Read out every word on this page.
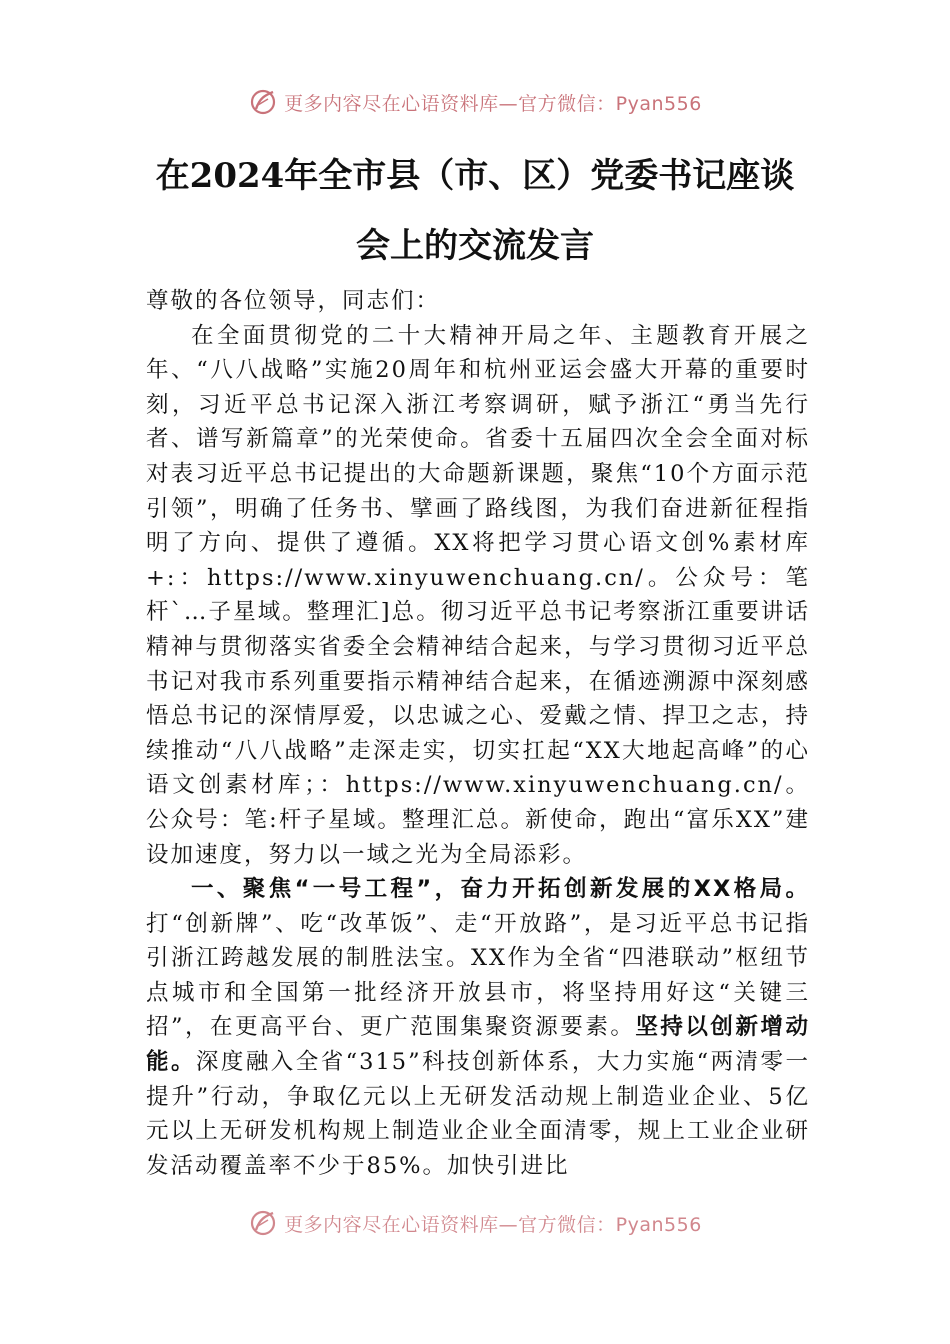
更多内容尽在心语资料库—官方微信：Pyan556
在2024年全市县（市、区）党委书记座谈
会上的交流发言

尊敬的各位领导，同志们：

在全面贯彻党的二十大精神开局之年、主题教育开展之年、“八八战略”实施20周年和杭州亚运会盛大开幕的重要时刻，习近平总书记深入浙江考察调研，赋予浙江“勇当先行者、谱写新篇章”的光荣使命。省委十五届四次全会全面对标对表习近平总书记提出的大命题新课题，聚焦“10个方面示范引领”，明确了任务书、擘画了路线图，为我们奋进新征程指明了方向、提供了遵循。XX将把学习贯心语文创%素材库+:：https://www.xinyuwenchuang.cn/。公众号：笔杆`…子星域。整理汇]总。彻习近平总书记考察浙江重要讲话精神与贯彻落实省委全会精神结合起来，与学习贯彻习近平总书记对我市系列重要指示精神结合起来，在循迹溯源中深刻感悟总书记的深情厚爱，以忠诚之心、爱戴之情、捍卫之志，持续推动“八八战略”走深走实，切实扛起“XX大地起高峰”的心语文创素材库；：https://www.xinyuwenchuang.cn/。公众号：笔:杆子星域。整理汇总。新使命，跑出“富乐XX”建设加速度，努力以一域之光为全局添彩。

一、聚焦“一号工程”，奋力开拓创新发展的XX格局。打“创新牌”、吃“改革饭”、走“开放路”，是习近平总书记指引浙江跨越发展的制胜法宝。XX作为全省“四港联动”枢纽节点城市和全国第一批经济开放县市，将坚持用好这“关键三招”，在更高平台、更广范围集聚资源要素。坚持以创新增动能。深度融入全省“315”科技创新体系，大力实施“两清零一提升”行动，争取亿元以上无研发活动规上制造业企业、5亿元以上无研发机构规上制造业企业全面清零，规上工业企业研发活动覆盖率不少于85%。加快引进比

更多内容尽在心语资料库—官方微信：Pyan556
